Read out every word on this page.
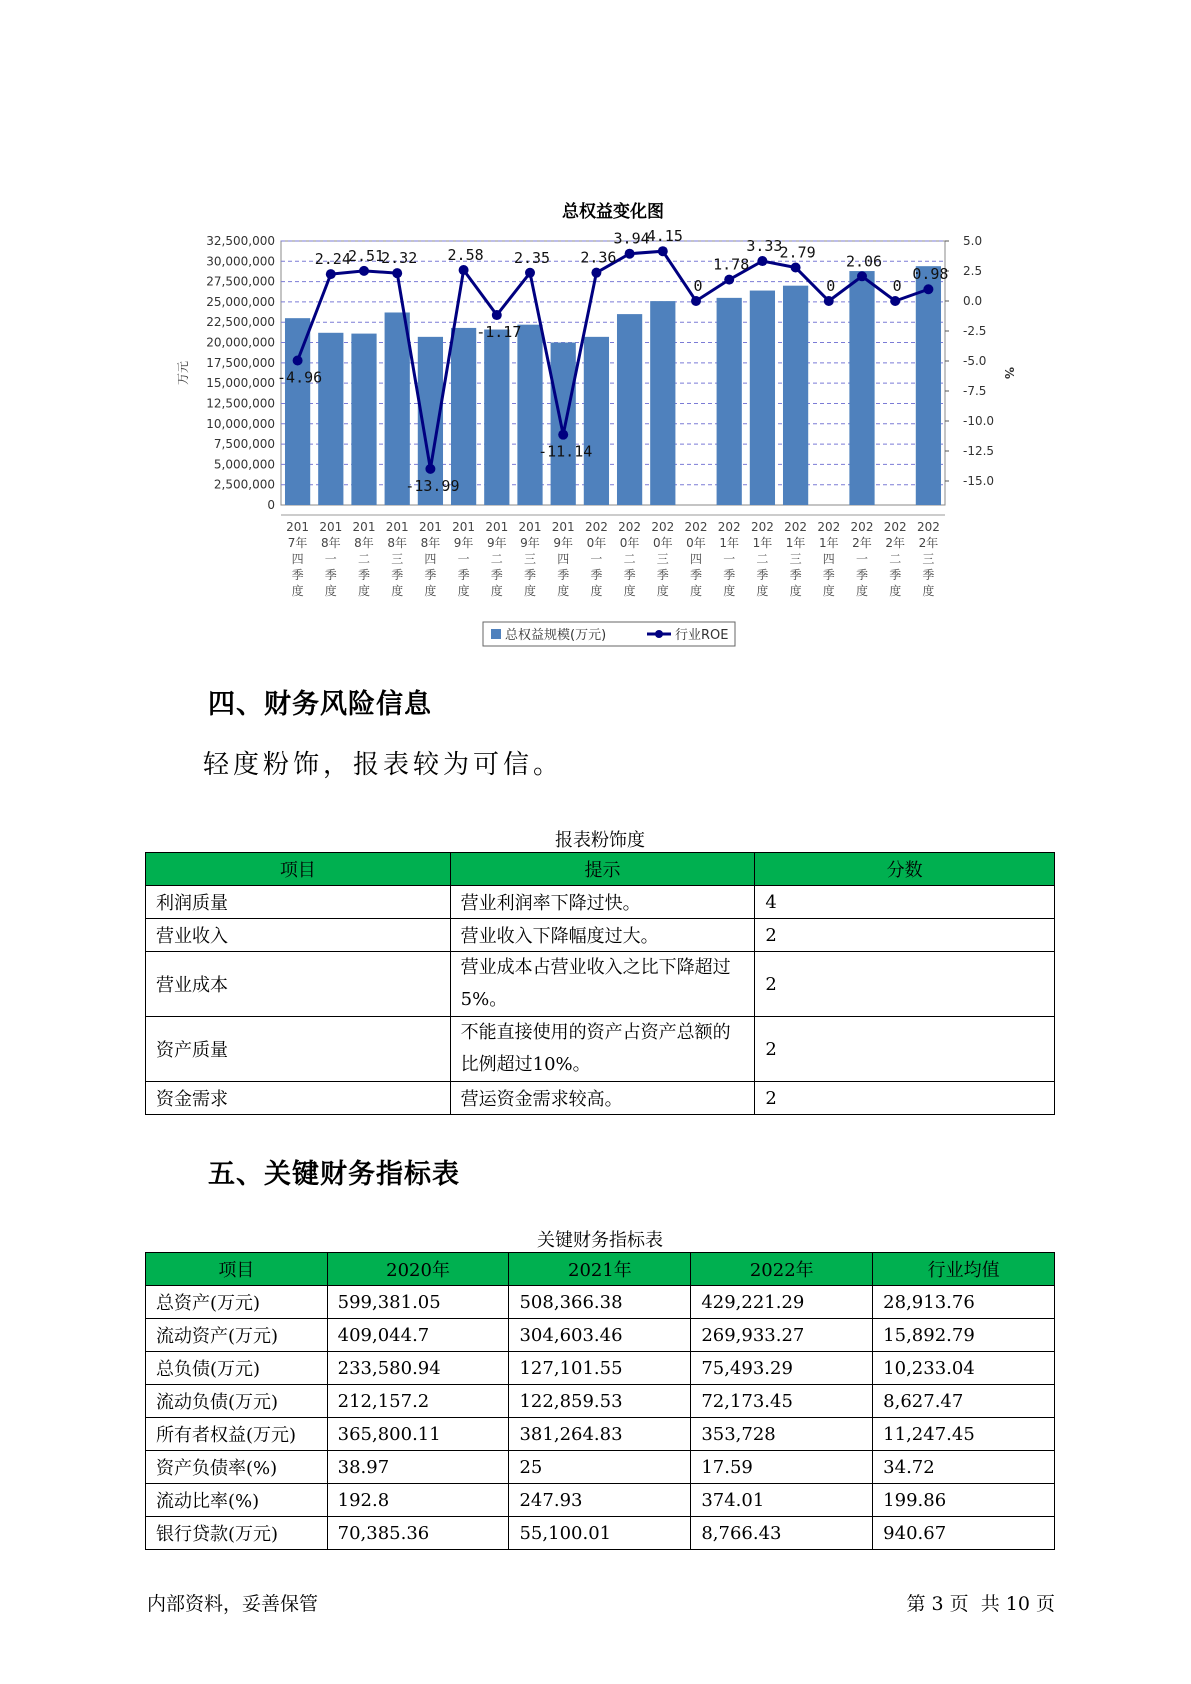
总权益变化图
0
2,500,000
5,000,000
7,500,000
10,000,000
12,500,000
15,000,000
17,500,000
20,000,000
22,500,000
25,000,000
27,500,000
30,000,000
32,500,000	5.0
2.5
0.0
-2.5
-5.0
-7.5
-10.0
-12.5
-15.0
万元	%
-4.96
2.24
2.51
2.32
-13.99
2.58
-1.17
2.35
-11.14
2.36
3.94
4.15
0
1.78
3.33
2.79
0
2.06
0
0.98
201
7年
四
季
度
201
8年
一
季
度
201
8年
二
季
度
201
8年
三
季
度
201
8年
四
季
度
201
9年
一
季
度
201
9年
二
季
度
201
9年
三
季
度
201
9年
四
季
度
202
0年
一
季
度
202
0年
二
季
度
202
0年
三
季
度
202
0年
四
季
度
202
1年
一
季
度
202
1年
二
季
度
202
1年
三
季
度
202
1年
四
季
度
202
2年
一
季
度
202
2年
二
季
度
202
2年
三
季
度
总权益规模(万元)	行业ROE
四、财务风险信息
轻度粉饰，报表较为可信。
报表粉饰度
项目	提示	分数
利润质量	营业利润率下降过快。	4
营业收入	营业收入下降幅度过大。	2
营业成本	营业成本占营业收入之比下降超过5%。	2
资产质量	不能直接使用的资产占资产总额的比例超过10%。	2
资金需求	营运资金需求较高。	2
五、关键财务指标表
关键财务指标表
项目	2020年	2021年	2022年	行业均值
总资产(万元)	599,381.05	508,366.38	429,221.29	28,913.76
流动资产(万元)	409,044.7	304,603.46	269,933.27	15,892.79
总负债(万元)	233,580.94	127,101.55	75,493.29	10,233.04
流动负债(万元)	212,157.2	122,859.53	72,173.45	8,627.47
所有者权益(万元)	365,800.11	381,264.83	353,728	11,247.45
资产负债率(%)	38.97	25	17.59	34.72
流动比率(%)	192.8	247.93	374.01	199.86
银行贷款(万元)	70,385.36	55,100.01	8,766.43	940.67
内部资料，妥善保管	第 3 页  共 10 页
